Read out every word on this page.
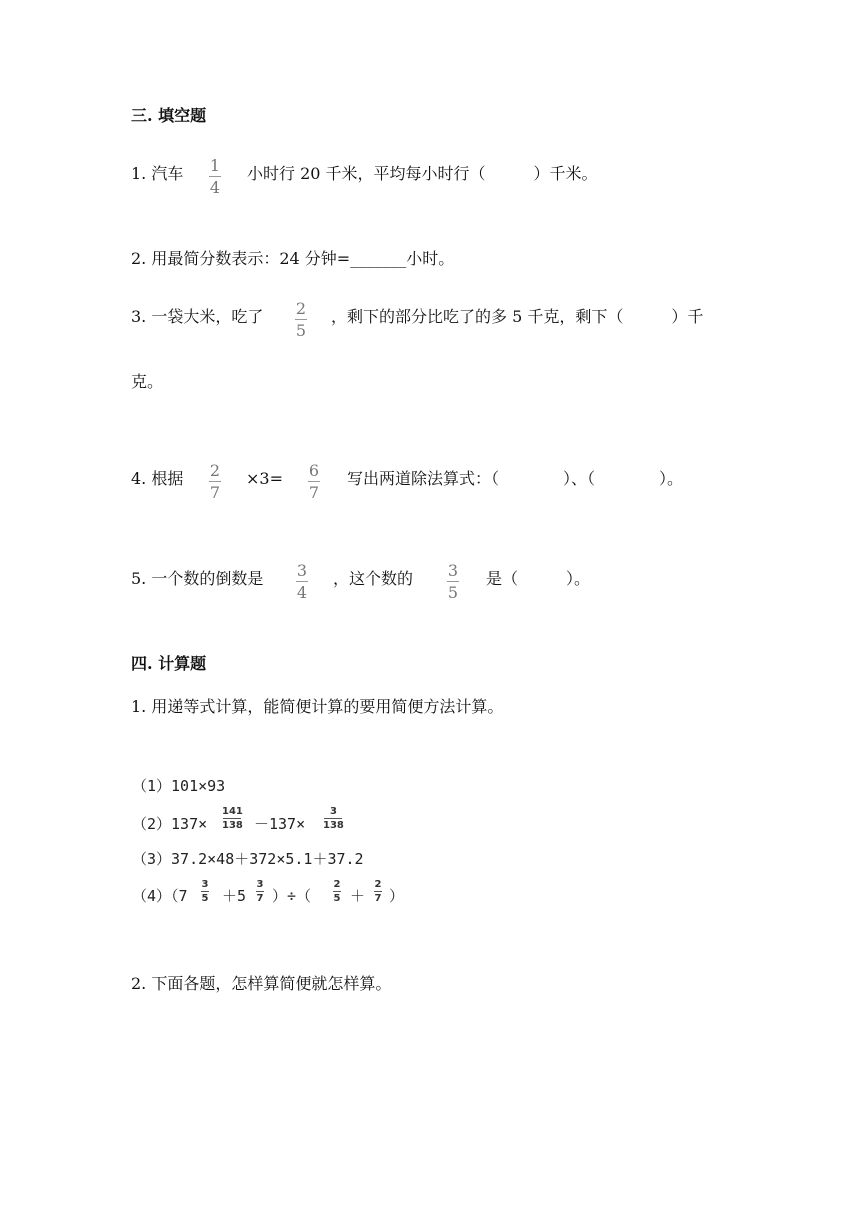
三. 填空题
1. 汽车 1
4
小时行 20 千米，平均每小时行（　　　）千米。
2. 用最简分数表示：24 分钟=_______小时。
3. 一袋大米，吃了 2
5
，剩下的部分比吃了的多 5 千克，剩下（　　　）千
克。
4. 根据 2
7
×3= 6
7
写出两道除法算式：（　　　　）、（　　　　）。
5. 一个数的倒数是 3
4
，这个数的 3
5
是（　　　）。
四. 计算题
1. 用递等式计算，能简便计算的要用简便方法计算。
（1）101×93
（2）137×
141
138 －137×
3
138
（3）37.2×48＋372×5.1＋37.2
（4）（7
3
5 ＋5
3
7 ）÷（
2
5 ＋
2
7 ）
2. 下面各题，怎样算简便就怎样算。
